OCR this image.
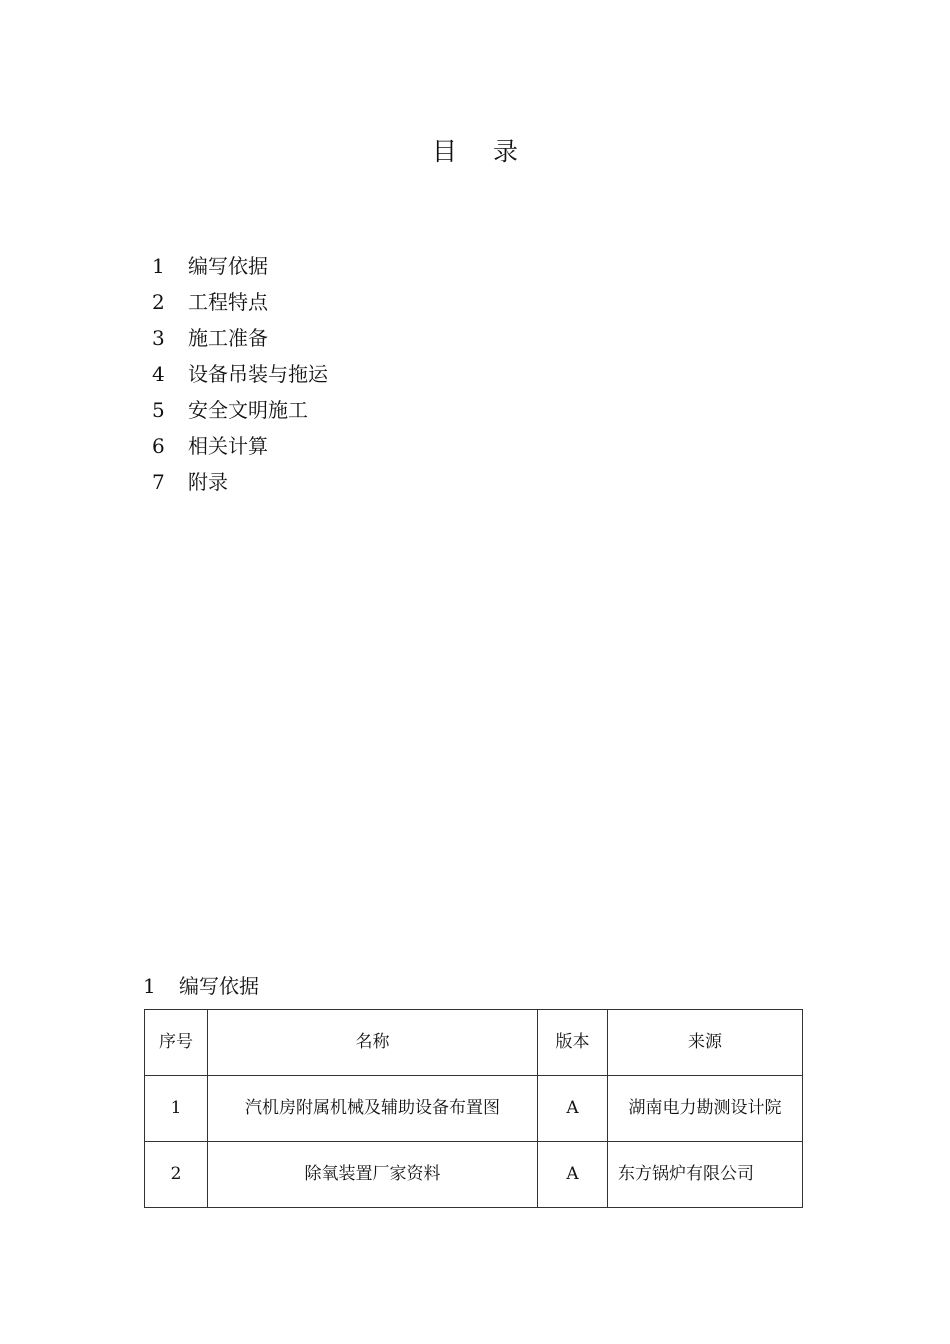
目 录
1 编写依据
2 工程特点
3 施工准备
4 设备吊装与拖运
5 安全文明施工
6 相关计算
7 附录
1 编写依据
序号	名称	版本	来源
1	汽机房附属机械及辅助设备布置图	A	湖南电力勘测设计院
2	除氧装置厂家资料	A	东方锅炉有限公司
